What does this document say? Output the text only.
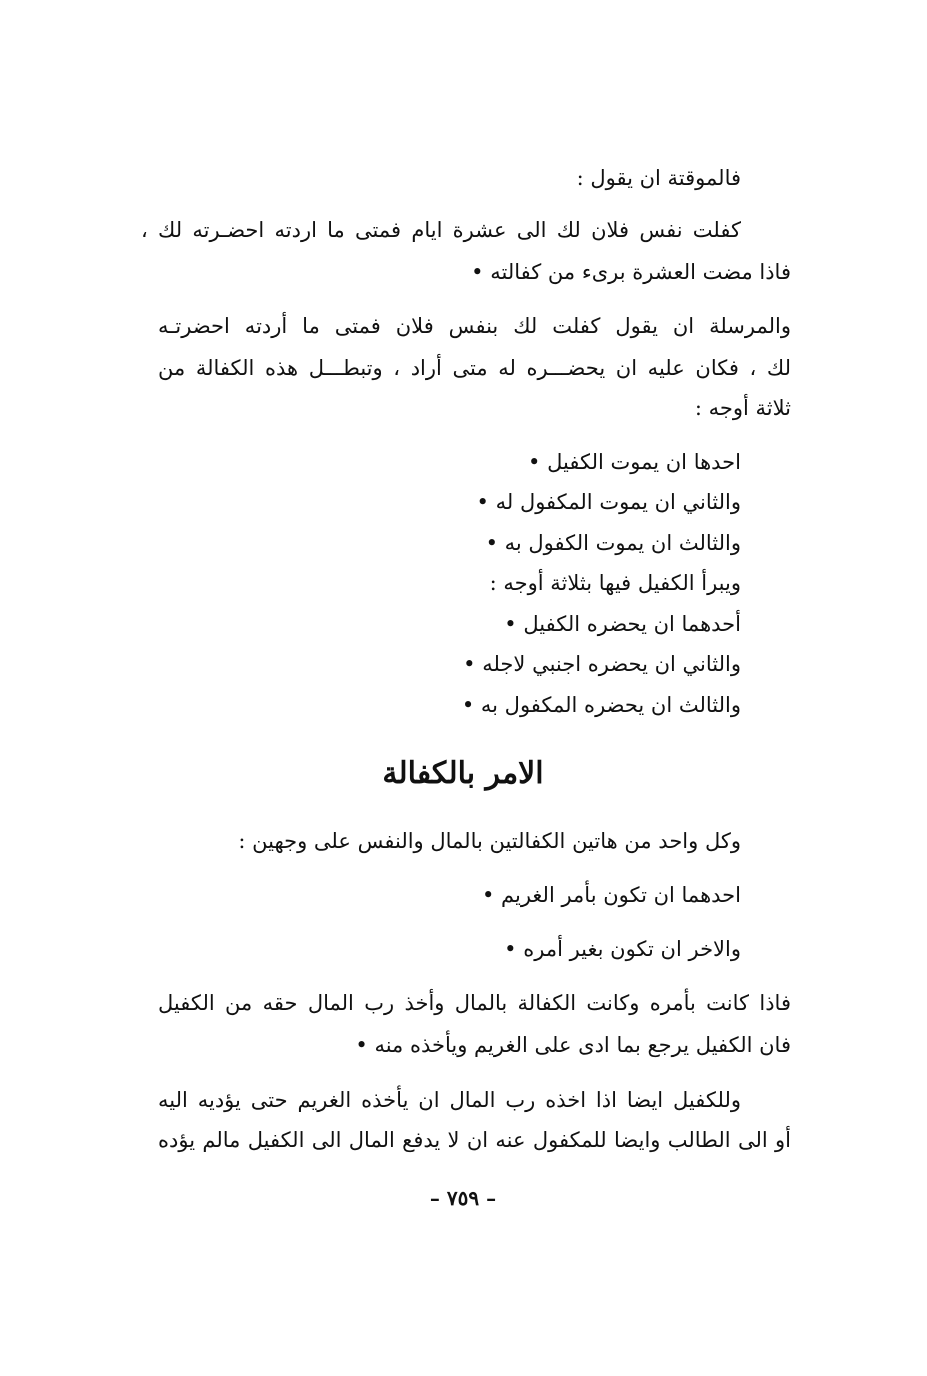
فالموقتة ان يقول :
كفلت نفس فلان لك الى عشرة ايام فمتى ما اردته احضـرته لك ،
فاذا مضت العشرة برىء من كفالته •
والمرسلة ان يقول كفلت لك بنفس فلان فمتى ما أردته احضرتـه
لك ، فكان عليه ان يحضـــره له متى أراد ، وتبطـــل هذه الكفالة من
ثلاثة أوجه :
احدها ان يموت الكفيل •
والثاني ان يموت المكفول له •
والثالث ان يموت الكفول به •
ويبرأ الكفيل فيها بثلاثة أوجه :
أحدهما ان يحضره الكفيل •
والثاني ان يحضره اجنبي لاجله •
والثالث ان يحضره المكفول به •
الامر بالكفالة
وكل واحد من هاتين الكفالتين بالمال والنفس على وجهين :
احدهما ان تكون بأمر الغريم •
والاخر ان تكون بغير أمره •
فاذا كانت بأمره وكانت الكفالة بالمال وأخذ رب المال حقه من الكفيل
فان الكفيل يرجع بما ادى على الغريم ويأخذه منه •
وللكفيل ايضا اذا اخذه رب المال ان يأخذه الغريم حتى يؤديه اليه
أو الى الطالب وايضا للمكفول عنه ان لا يدفع المال الى الكفيل مالم يؤده
– ٧٥٩ –
